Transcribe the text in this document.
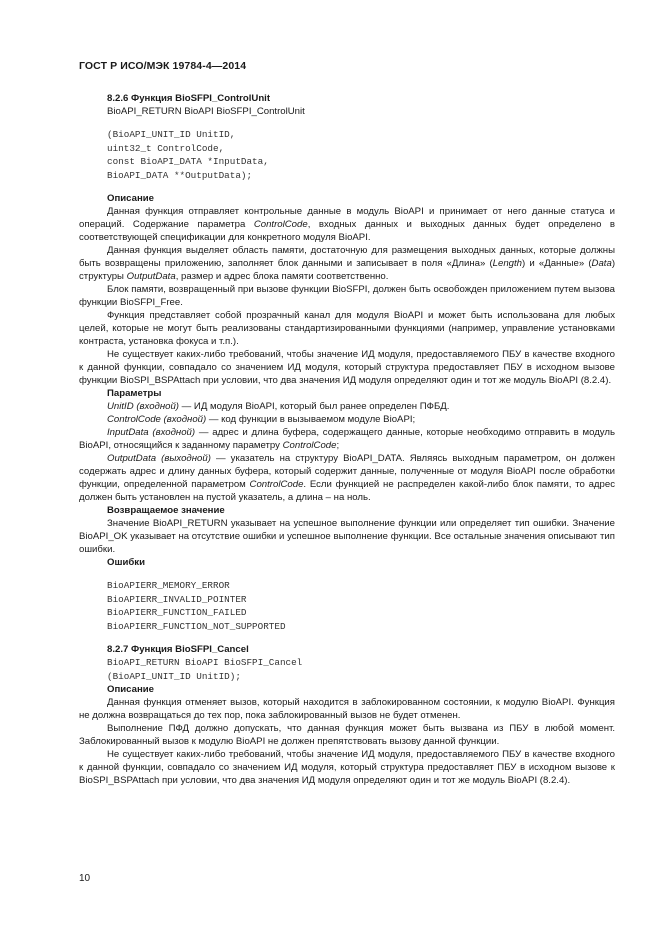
ГОСТ Р ИСО/МЭК 19784-4—2014
8.2.6 Функция BioSFPI_ControlUnit
BioAPI_RETURN BioAPI BioSFPI_ControlUnit
(BioAPI_UNIT_ID UnitID,
uint32_t ControlCode,
const BioAPI_DATA *InputData,
BioAPI_DATA **OutputData);
Описание
Данная функция отправляет контрольные данные в модуль BioAPI и принимает от него данные статуса и операций. Содержание параметра ControlCode, входных данных и выходных данных будет определено в соответствующей спецификации для конкретного модуля BioAPI.
Данная функция выделяет область памяти, достаточную для размещения выходных данных, которые должны быть возвращены приложению, заполняет блок данными и записывает в поля «Длина» (Length) и «Данные» (Data) структуры OutputData, размер и адрес блока памяти соответственно.
Блок памяти, возвращенный при вызове функции BioSFPI, должен быть освобожден приложением путем вызова функции BioSFPI_Free.
Функция представляет собой прозрачный канал для модуля BioAPI и может быть использована для любых целей, которые не могут быть реализованы стандартизированными функциями (например, управление установками контраста, установка фокуса и т.п.).
Не существует каких-либо требований, чтобы значение ИД модуля, предоставляемого ПБУ в качестве входного к данной функции, совпадало со значением ИД модуля, который структура предоставляет ПБУ в исходном вызове функции BioSPI_BSPAttach при условии, что два значения ИД модуля определяют один и тот же модуль BioAPI (8.2.4).
Параметры
UnitID (входной) — ИД модуля BioAPI, который был ранее определен ПФБД.
ControlCode (входной) — код функции в вызываемом модуле BioAPI;
InputData (входной) — адрес и длина буфера, содержащего данные, которые необходимо отправить в модуль BioAPI, относящийся к заданному параметру ControlCode;
OutputData (выходной) — указатель на структуру BioAPI_DATA. Являясь выходным параметром, он должен содержать адрес и длину данных буфера, который содержит данные, полученные от модуля BioAPI после обработки функции, определенной параметром ControlCode. Если функцией не распределен какой-либо блок памяти, то адрес должен быть установлен на пустой указатель, а длина – на ноль.
Возвращаемое значение
Значение BioAPI_RETURN указывает на успешное выполнение функции или определяет тип ошибки. Значение BioAPI_OK указывает на отсутствие ошибки и успешное выполнение функции. Все остальные значения описывают тип ошибки.
Ошибки
BioAPIERR_MEMORY_ERROR
BioAPIERR_INVALID_POINTER
BioAPIERR_FUNCTION_FAILED
BioAPIERR_FUNCTION_NOT_SUPPORTED
8.2.7 Функция BioSFPI_Cancel
BioAPI_RETURN BioAPI BioSFPI_Cancel
(BioAPI_UNIT_ID UnitID);
Описание
Данная функция отменяет вызов, который находится в заблокированном состоянии, к модулю BioAPI. Функция не должна возвращаться до тех пор, пока заблокированный вызов не будет отменен.
Выполнение ПФД должно допускать, что данная функция может быть вызвана из ПБУ в любой момент. Заблокированный вызов к модулю BioAPI не должен препятствовать вызову данной функции.
Не существует каких-либо требований, чтобы значение ИД модуля, предоставляемого ПБУ в качестве входного к данной функции, совпадало со значением ИД модуля, который структура предоставляет ПБУ в исходном вызове к BioSPI_BSPAttach при условии, что два значения ИД модуля определяют один и тот же модуль BioAPI (8.2.4).
10
